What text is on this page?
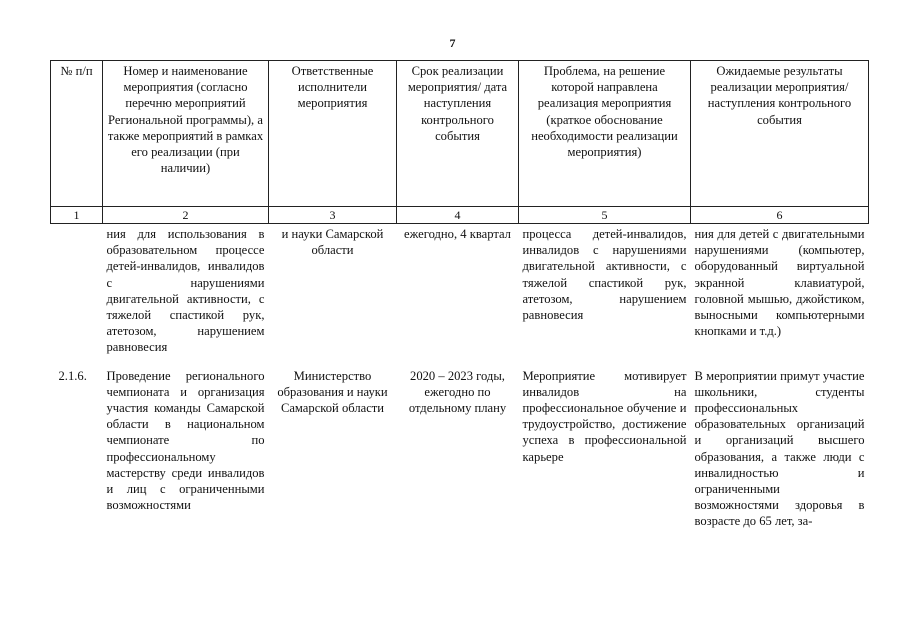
7
№ п/п	Номер и наименование мероприятия (согласно перечню мероприятий Региональной программы), а также мероприятий в рамках его реализации (при наличии)	Ответственные исполнители мероприятия	Срок реализации мероприятия/ дата наступления контрольного события	Проблема, на решение которой направлена реализация мероприятия (краткое обоснование необходимости реализации мероприятия)	Ожидаемые результаты реализации мероприятия/ наступления контрольного события
1	2	3	4	5	6
	ния для использования в образовательном процессе детей-инвалидов, инвалидов с нарушениями двигательной активности, с тяжелой спастикой рук, атетозом, нарушением равновесия	и науки Самарской области	ежегодно, 4 квартал	процесса детей-инвалидов, инвалидов с нарушениями двигательной активности, с тяжелой спастикой рук, атетозом, нарушением равновесия	ния для детей с двигательными нарушениями (компьютер, оборудованный виртуальной экранной клавиатурой, головной мышью, джойстиком, выносными компьютерными кнопками и т.д.)

2.1.6.	Проведение регионального чемпионата и организация участия команды Самарской области в национальном чемпионате по профессиональному мастерству среди инвалидов и лиц с ограниченными возможностями	Министерство образования и науки Самарской области	2020 – 2023 годы, ежегодно по отдельному плану	Мероприятие мотивирует инвалидов на профессиональное обучение и трудоустройство, достижение успеха в профессиональной карьере	В мероприятии примут участие школьники, студенты профессиональных образовательных организаций и организаций высшего образования, а также люди с инвалидностью и ограниченными возможностями здоровья в возрасте до 65 лет, за-
